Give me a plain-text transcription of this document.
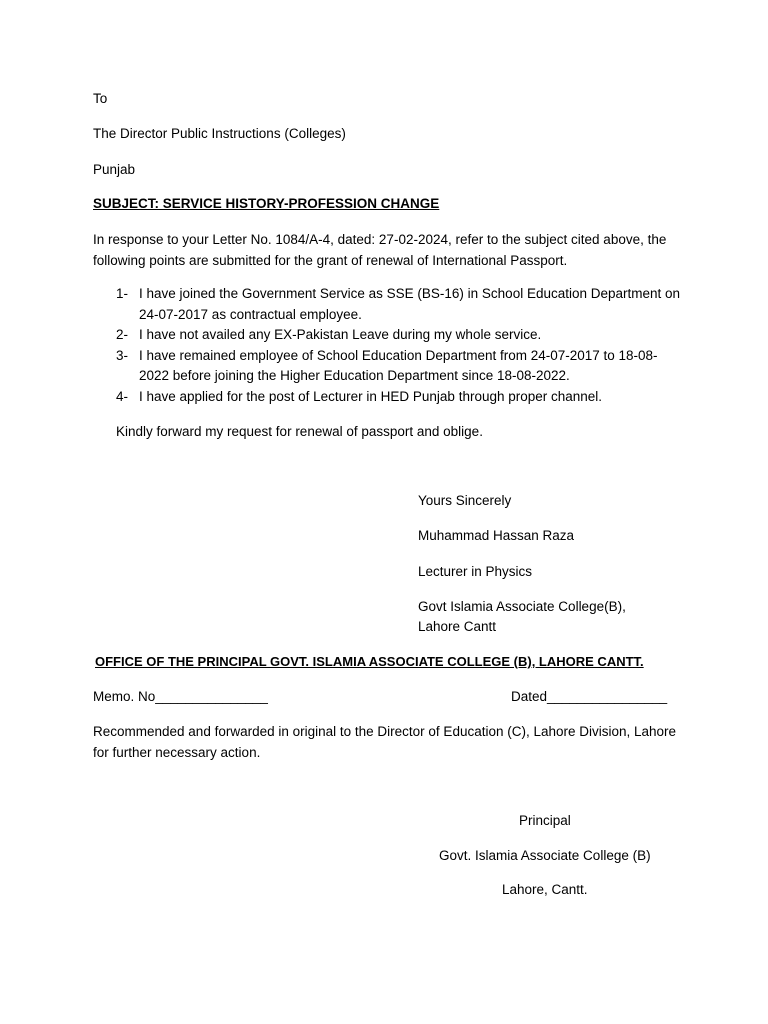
To
The Director Public Instructions (Colleges)
Punjab
SUBJECT: SERVICE HISTORY-PROFESSION CHANGE
In response to your Letter No. 1084/A-4, dated: 27-02-2024, refer to the subject cited above, the following points are submitted for the grant of renewal of International Passport.
1- I have joined the Government Service as SSE (BS-16) in School Education Department on 24-07-2017 as contractual employee.
2- I have not availed any EX-Pakistan Leave during my whole service.
3- I have remained employee of School Education Department from 24-07-2017 to 18-08-2022 before joining the Higher Education Department since 18-08-2022.
4- I have applied for the post of Lecturer in HED Punjab through proper channel.
Kindly forward my request for renewal of passport and oblige.
Yours Sincerely
Muhammad Hassan Raza
Lecturer in Physics
Govt Islamia Associate College(B),
Lahore Cantt
OFFICE OF THE PRINCIPAL GOVT. ISLAMIA ASSOCIATE COLLEGE (B), LAHORE CANTT.
Memo. No_______________	Dated________________
Recommended and forwarded in original to the Director of Education (C), Lahore Division, Lahore for further necessary action.
Principal
Govt. Islamia Associate College (B)
Lahore, Cantt.
